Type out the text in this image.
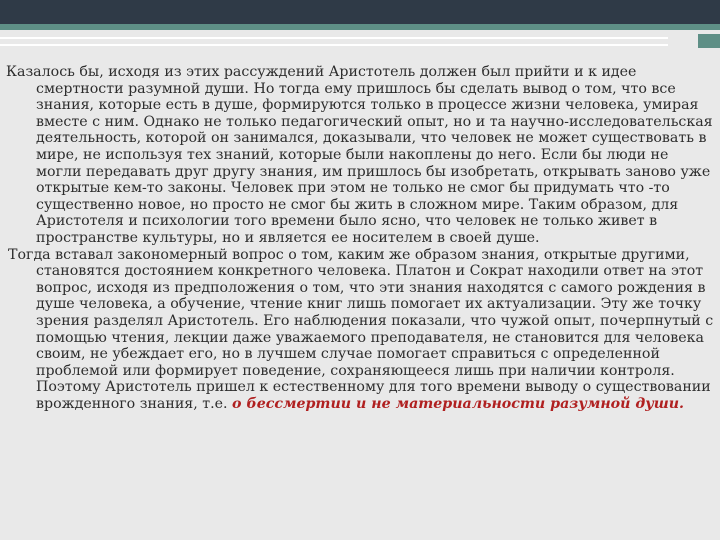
Казалось бы, исходя из этих рассуждений Аристотель должен был прийти и к идее смертности разумной души. Но тогда ему пришлось бы сделать вывод о том, что все знания, которые есть в душе, формируются только в процессе жизни человека, умирая вместе с ним. Однако не только педагогический опыт, но и та научно-исследовательская деятельность, которой он занимался, доказывали, что человек не может существовать в мире, не используя тех знаний, которые были накоплены до него. Если бы люди не могли передавать друг другу знания, им пришлось бы изобретать, открывать заново уже открытые кем-то законы. Человек при этом не только не смог бы придумать что -то существенно новое, но просто не смог бы жить в сложном мире. Таким образом, для Аристотеля и психологии того времени было ясно, что человек не только живет в пространстве культуры, но и является ее носителем в своей душе.

Тогда вставал закономерный вопрос о том, каким же образом знания, открытые другими, становятся достоянием конкретного человека. Платон и Сократ находили ответ на этот вопрос, исходя из предположения о том, что эти знания находятся с самого рождения в душе человека, а обучение, чтение книг лишь помогает их актуализации. Эту же точку зрения разделял Аристотель. Его наблюдения показали, что чужой опыт, почерпнутый с помощью чтения, лекции даже уважаемого преподавателя, не становится для человека своим, не убеждает его, но в лучшем случае помогает справиться с определенной проблемой или формирует поведение, сохраняющееся лишь при наличии контроля. Поэтому Аристотель пришел к естественному для того времени выводу о существовании врожденного знания, т.е. о бессмертии и не материальности разумной души.
